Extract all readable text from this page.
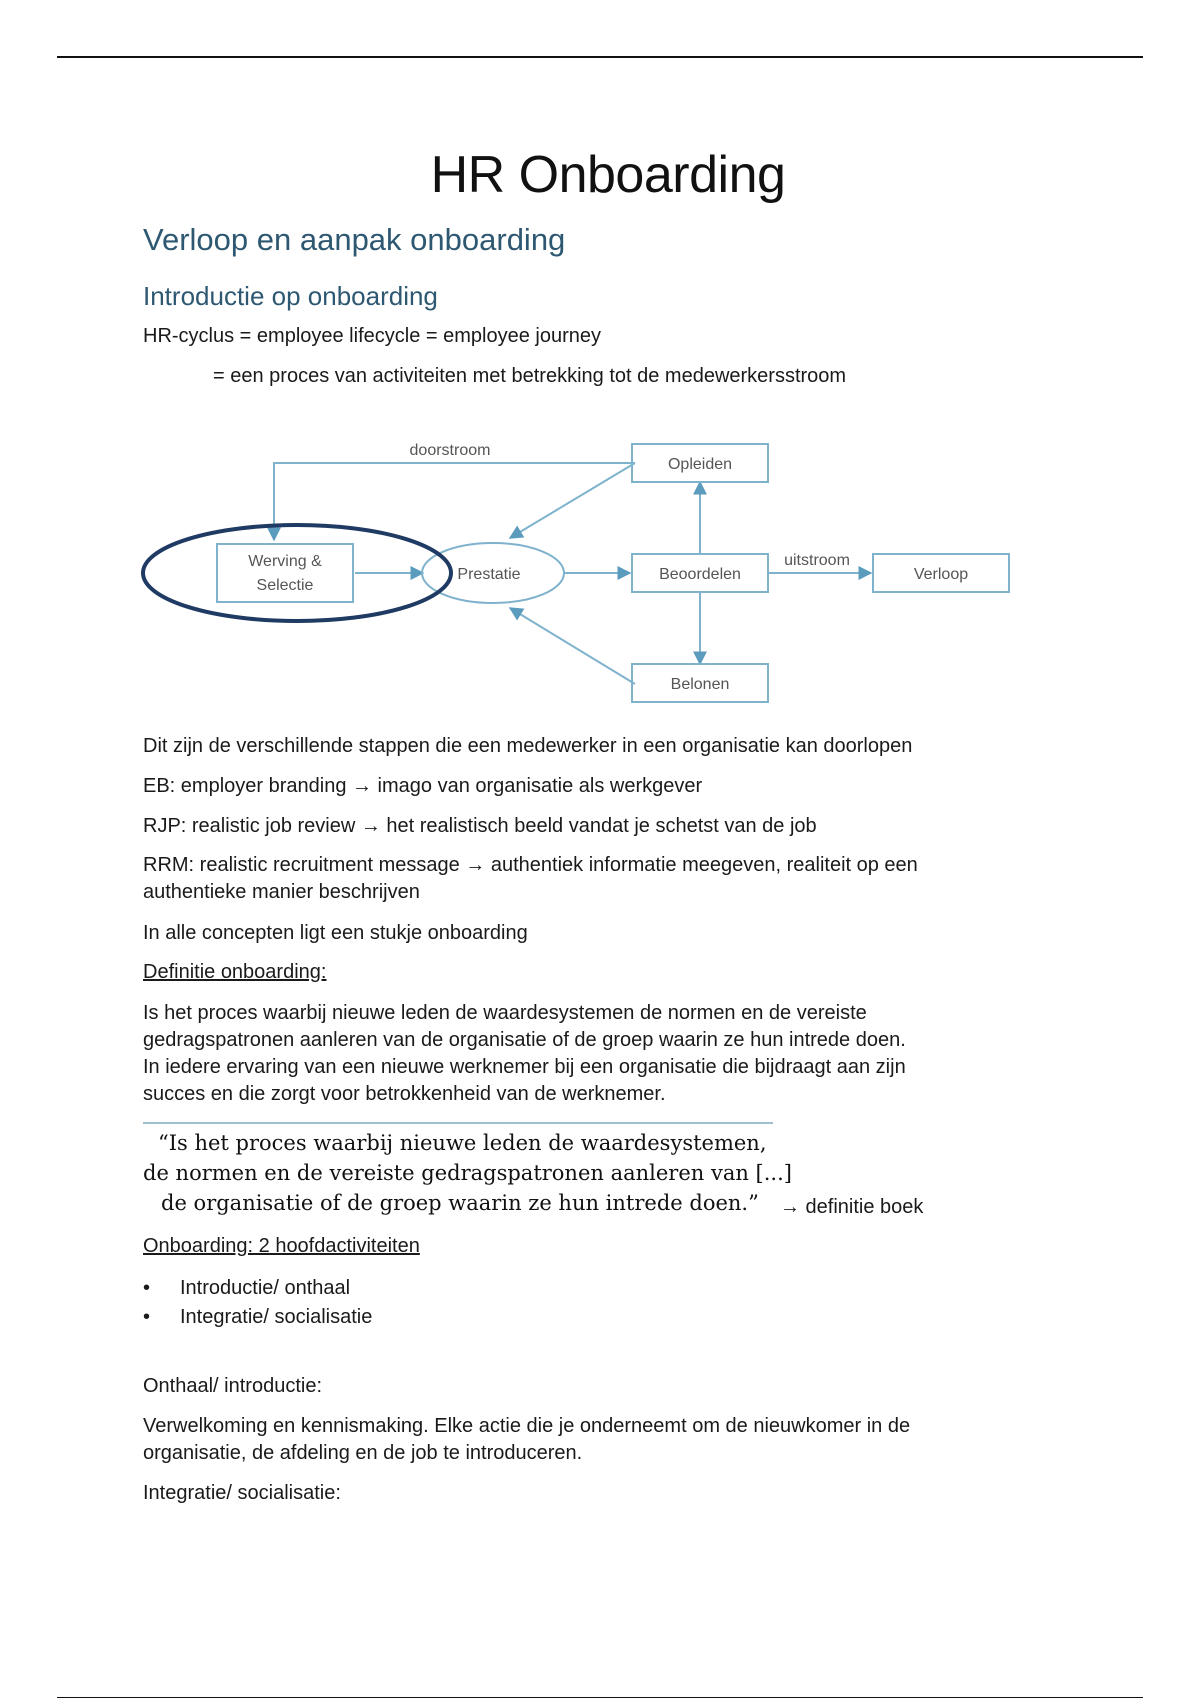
HR Onboarding
Verloop en aanpak onboarding
Introductie op onboarding

HR-cyclus = employee lifecycle = employee journey

= een proces van activiteiten met betrekking tot de medewerkersstroom

doorstroom
Werving &
Selectie
Prestatie
Opleiden
Beoordelen
Belonen
uitstroom
Verloop

Dit zijn de verschillende stappen die een medewerker in een organisatie kan doorlopen

EB: employer branding → imago van organisatie als werkgever

RJP: realistic job review → het realistisch beeld vandat je schetst van de job

RRM: realistic recruitment message → authentiek informatie meegeven, realiteit op een

authentieke manier beschrijven

In alle concepten ligt een stukje onboarding

Definitie onboarding:

Is het proces waarbij nieuwe leden de waardesystemen de normen en de vereiste

gedragspatronen aanleren van de organisatie of de groep waarin ze hun intrede doen.

In iedere ervaring van een nieuwe werknemer bij een organisatie die bijdraagt aan zijn

succes en die zorgt voor betrokkenheid van de werknemer.

Onboarding: 2 hoofdactiviteiten

• Introductie/ onthaal
• Integratie/ socialisatie

Onthaal/ introductie:

Verwelkoming en kennismaking. Elke actie die je onderneemt om de nieuwkomer in de

organisatie, de afdeling en de job te introduceren.

Integratie/ socialisatie:

“Is het proces waarbij nieuwe leden de waardesystemen,
de normen en de vereiste gedragspatronen aanleren van [...]
de organisatie of de groep waarin ze hun intrede doen.”	→ definitie boek
